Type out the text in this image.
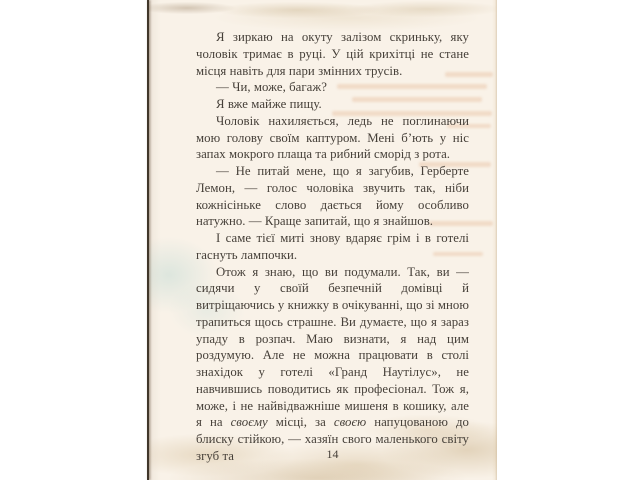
Я зиркаю на окуту залізом скриньку, яку чоловік тримає в руці. У цій крихітці не стане місця навіть для пари змінних трусів.

— Чи, може, багаж?

Я вже майже пищу.

Чоловік нахиляється, ледь не поглинаючи мою голову своїм каптуром. Мені б’ють у ніс запах мокрого плаща та рибний сморід з рота.

— Не питай мене, що я загубив, Герберте Лемон, — голос чоловіка звучить так, ніби кожнісіньке слово дається йому особливо натужно. — Краще запитай, що я знайшов.

І саме тієї миті знову вдаряє грім і в готелі гаснуть лампочки.

Отож я знаю, що ви подумали. Так, ви — сидячи у своїй безпечній домівці й витріщаючись у книжку в очікуванні, що зі мною трапиться щось страшне. Ви думаєте, що я зараз упаду в розпач. Маю визнати, я над цим роздумую. Але не можна працювати в столі знахідок у готелі «Гранд Наутілус», не навчившись поводитись як професіонал. Тож я, може, і не найвідважніше мишеня в кошику, але я на своєму місці, за своєю напуцованою до блиску стійкою, — хазяїн свого маленького світу згуб та	14
